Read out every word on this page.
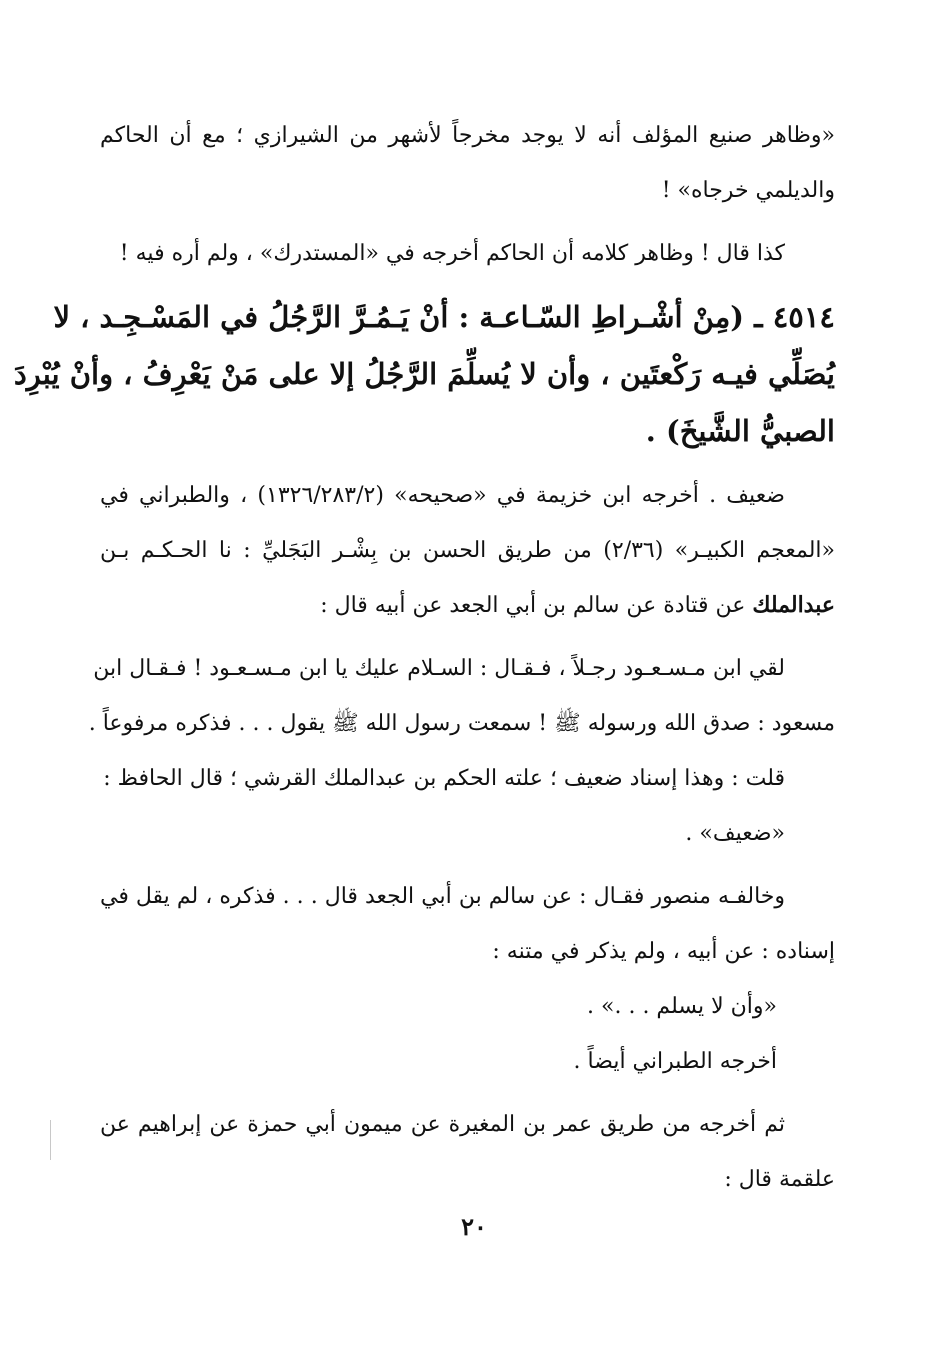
«وظاهر صنيع المؤلف أنه لا يوجد مخرجاً لأشهر من الشيرازي ؛ مع أن الحاكم
والديلمي خرجاه» !
كذا قال ! وظاهر كلامه أن الحاكم أخرجه في «المستدرك» ، ولم أره فيه !
٤٥١٤ ـ (مِنْ أشْـراطِ السّـاعـة : أنْ يَـمُـرَّ الرَّجُلُ في المَسْـجِـد ، لا
يُصَلِّي فيـه رَكْعتَين ، وأن لا يُسلِّمَ الرَّجُلُ إلا على مَنْ يَعْرِفُ ، وأنْ يُبْرِدَ
الصبيُّ الشَّيخَ) .
ضعيف . أخرجه ابن خزيمة في «صحيحه» (١٣٢٦/٢٨٣/٢) ، والطبراني في
«المعجم الكبيـر» (٢/٣٦) من طريق الحسن بن بِشْـر البَجَليِّ : نا الحـكـم بـن
عبدالملك عن قتادة عن سالم بن أبي الجعد عن أبيه قال :
لقي ابن مـسـعـود رجـلاً ، فـقـال : السـلام عليك يا ابن مـسـعـود ! فـقـال ابن
مسعود : صدق الله ورسوله ﷺ ! سمعت رسول الله ﷺ يقول . . . فذكره مرفوعاً .
قلت : وهذا إسناد ضعيف ؛ علته الحكم بن عبدالملك القرشي ؛ قال الحافظ :
«ضعيف» .
وخالفـه منصور فقـال : عن سالم بن أبي الجعد قال . . . فذكره ، لم يقل في
إسناده : عن أبيه ، ولم يذكر في متنه :
«وأن لا يسلم . . .» .
أخرجه الطبراني أيضاً .
ثم أخرجه من طريق عمر بن المغيرة عن ميمون أبي حمزة عن إبراهيم عن
علقمة قال :
٢٠
